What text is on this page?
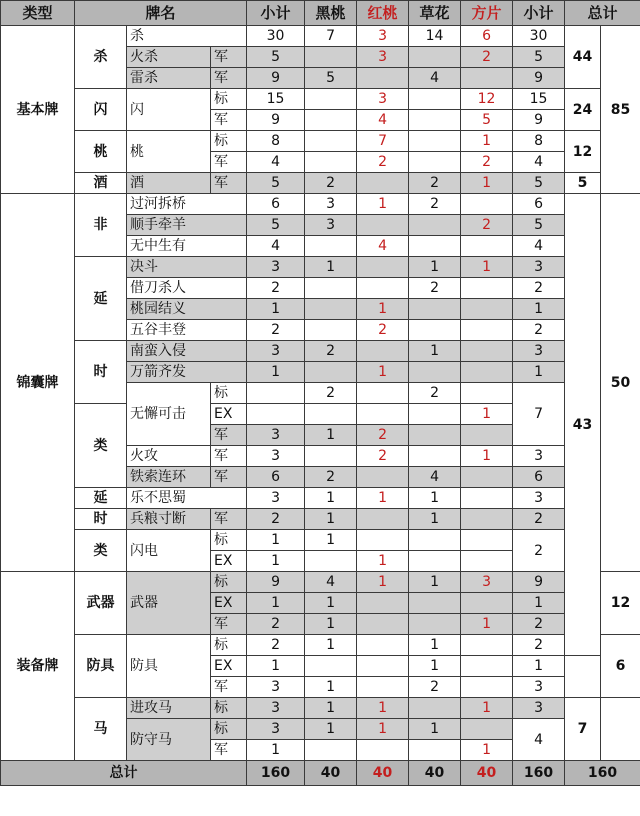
类型	牌名			小计	黑桃	红桃	草花	方片	小计	总计		
基本牌	杀	杀		30	7	3	14	6	30	44	85	
		火杀	军	5		3		2	5			
		雷杀	军	9	5		4		9			
	闪	闪	标	15		3		12	15	24		
			军	9		4		5	9			
	桃	桃	标	8		7		1	8	12		
			军	4		2		2	4			
	酒	酒	军	5	2		2	1	5	5		
锦囊牌	非	过河拆桥		6	3	1	2		6	43	50	
		顺手牵羊		5	3			2	5			
		无中生有		4		4			4			
	延	决斗		3	1		1	1	3			
		借刀杀人		2			2		2			
		桃园结义		1		1			1			
		五谷丰登		2		2			2			
	时	南蛮入侵		3	2		1		3			
		万箭齐发		1		1			1			
		无懈可击	标		2		2		7			
	类		EX					1				
			军	3	1	2						
		火攻	军	3		2		1	3			
		铁索连环	军	6	2		4		6			
	延	乐不思蜀		3	1	1	1		3	
	时	兵粮寸断	军	2	1		1		2			
	类	闪电	标	1	1				2			
			EX	1		1						
装备牌	武器	武器	标	9	4	1	1	3	9		12	
			EX	1	1				1			
			军	2	1			1	2			
	防具	防具	标	2	1		1		2		6	
			EX	1			1		1			
			军	3	1		2		3			
	马	进攻马	标	3	1	1		1	3	7		
		防守马	标	3	1	1	1		4			
			军	1				1				
总计				160	40	40	40	40	160	160		
